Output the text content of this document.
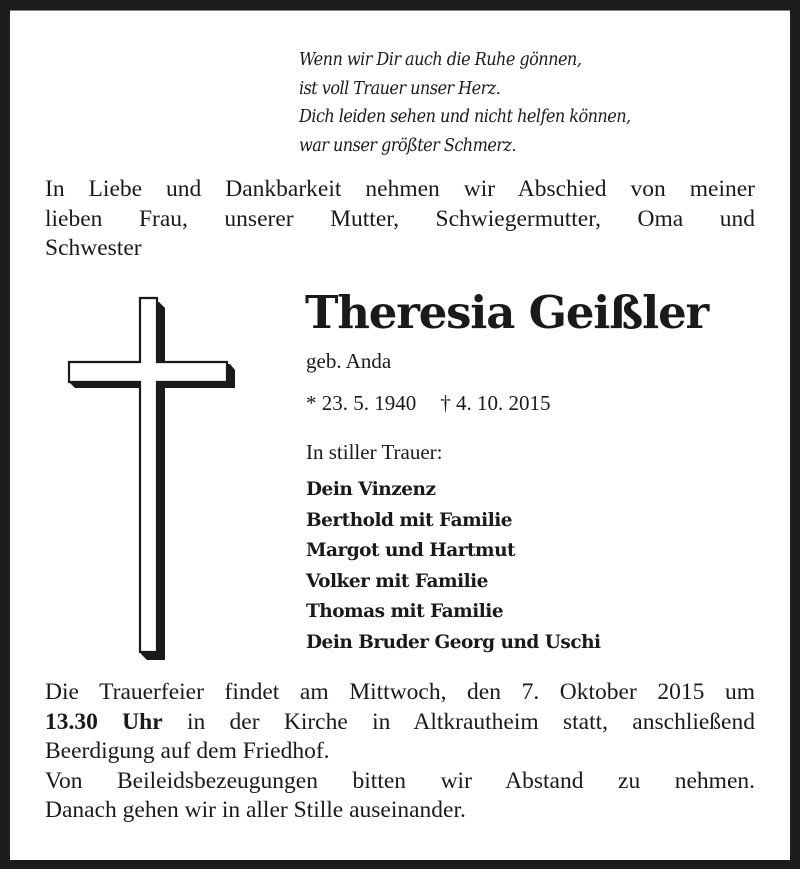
Wenn wir Dir auch die Ruhe gönnen,
ist voll Trauer unser Herz.
Dich leiden sehen und nicht helfen können,
war unser größter Schmerz.
In Liebe und Dankbarkeit nehmen wir Abschied von meiner
lieben Frau, unserer Mutter, Schwiegermutter, Oma und
Schwester
Theresia Geißler
geb. Anda
* 23. 5. 1940 † 4. 10. 2015
In stiller Trauer:
Dein Vinzenz
Berthold mit Familie
Margot und Hartmut
Volker mit Familie
Thomas mit Familie
Dein Bruder Georg und Uschi
Die Trauerfeier findet am Mittwoch, den 7. Oktober 2015 um
13.30 Uhr in der Kirche in Altkrautheim statt, anschließend
Beerdigung auf dem Friedhof.
Von Beileidsbezeugungen bitten wir Abstand zu nehmen.
Danach gehen wir in aller Stille auseinander.
